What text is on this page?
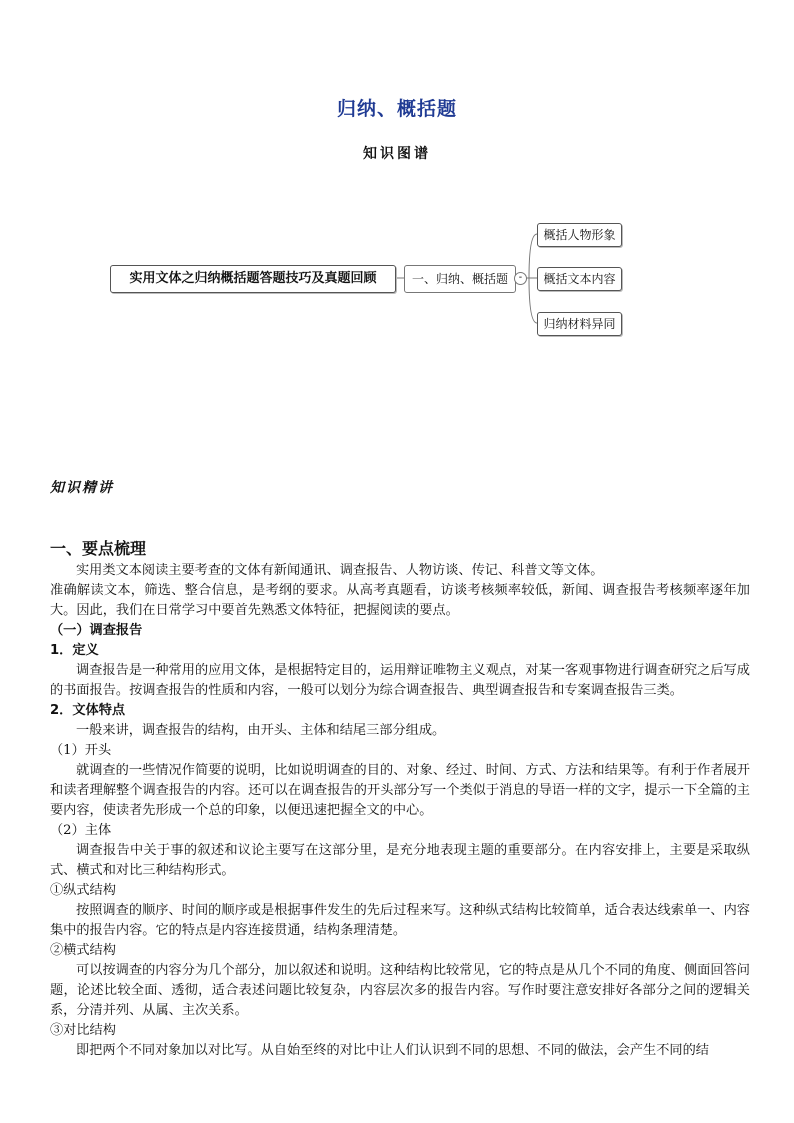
归纳、概括题
知识图谱
实用文体之归纳概括题答题技巧及真题回顾	一、归纳、概括题	-
概括人物形象
概括文本内容
归纳材料异同
知识精讲

一、要点梳理

实用类文本阅读主要考查的文体有新闻通讯、调查报告、人物访谈、传记、科普文等文体。

准确解读文本，筛选、整合信息，是考纲的要求。从高考真题看，访谈考核频率较低，新闻、调查报告考核频率逐年加大。因此，我们在日常学习中要首先熟悉文体特征，把握阅读的要点。

（一）调查报告

1．定义

调查报告是一种常用的应用文体，是根据特定目的，运用辩证唯物主义观点，对某一客观事物进行调查研究之后写成的书面报告。按调查报告的性质和内容，一般可以划分为综合调查报告、典型调查报告和专案调查报告三类。

2．文体特点

一般来讲，调查报告的结构，由开头、主体和结尾三部分组成。

（1）开头

就调查的一些情况作简要的说明，比如说明调查的目的、对象、经过、时间、方式、方法和结果等。有利于作者展开和读者理解整个调查报告的内容。还可以在调查报告的开头部分写一个类似于消息的导语一样的文字，提示一下全篇的主要内容，使读者先形成一个总的印象，以便迅速把握全文的中心。

（2）主体

调查报告中关于事的叙述和议论主要写在这部分里，是充分地表现主题的重要部分。在内容安排上，主要是采取纵式、横式和对比三种结构形式。

①纵式结构

按照调查的顺序、时间的顺序或是根据事件发生的先后过程来写。这种纵式结构比较简单，适合表达线索单一、内容集中的报告内容。它的特点是内容连接贯通，结构条理清楚。

②横式结构

可以按调查的内容分为几个部分，加以叙述和说明。这种结构比较常见，它的特点是从几个不同的角度、侧面回答问题，论述比较全面、透彻，适合表述问题比较复杂，内容层次多的报告内容。写作时要注意安排好各部分之间的逻辑关系，分清并列、从属、主次关系。

③对比结构

即把两个不同对象加以对比写。从自始至终的对比中让人们认识到不同的思想、不同的做法，会产生不同的结
